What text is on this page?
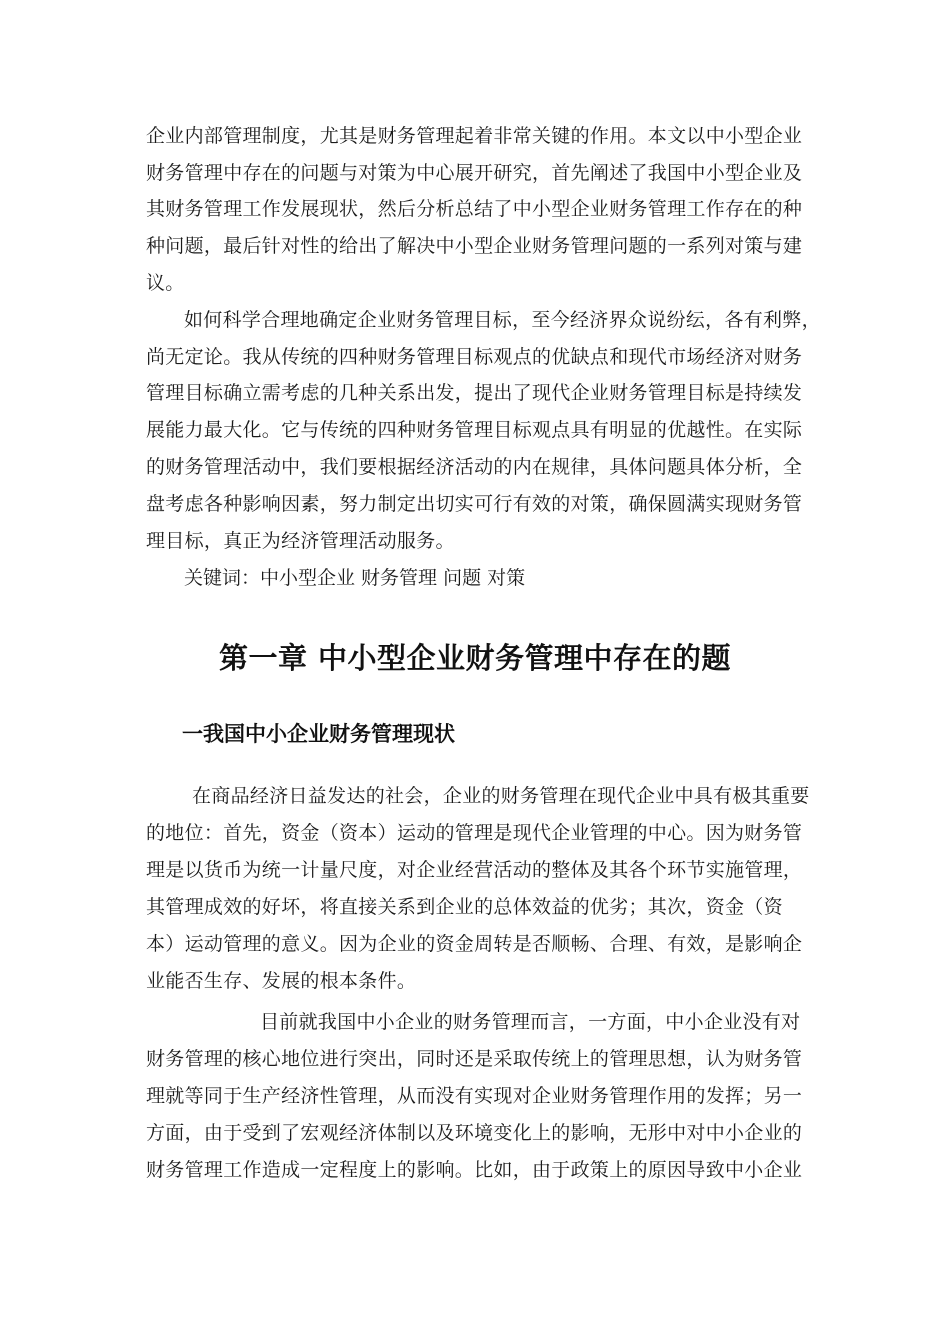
企业内部管理制度，尤其是财务管理起着非常关键的作用。本文以中小型企业
财务管理中存在的问题与对策为中心展开研究，首先阐述了我国中小型企业及
其财务管理工作发展现状，然后分析总结了中小型企业财务管理工作存在的种
种问题，最后针对性的给出了解决中小型企业财务管理问题的一系列对策与建
议。
如何科学合理地确定企业财务管理目标，至今经济界众说纷纭，各有利弊，
尚无定论。我从传统的四种财务管理目标观点的优缺点和现代市场经济对财务
管理目标确立需考虑的几种关系出发，提出了现代企业财务管理目标是持续发
展能力最大化。它与传统的四种财务管理目标观点具有明显的优越性。在实际
的财务管理活动中，我们要根据经济活动的内在规律，具体问题具体分析，全
盘考虑各种影响因素，努力制定出切实可行有效的对策，确保圆满实现财务管
理目标，真正为经济管理活动服务。
关键词：中小型企业 财务管理 问题 对策
第一章 中小型企业财务管理中存在的题
一我国中小企业财务管理现状
在商品经济日益发达的社会，企业的财务管理在现代企业中具有极其重要
的地位：首先，资金（资本）运动的管理是现代企业管理的中心。因为财务管
理是以货币为统一计量尺度，对企业经营活动的整体及其各个环节实施管理，
其管理成效的好坏，将直接关系到企业的总体效益的优劣；其次，资金（资
本）运动管理的意义。因为企业的资金周转是否顺畅、合理、有效，是影响企
业能否生存、发展的根本条件。
目前就我国中小企业的财务管理而言，一方面，中小企业没有对
财务管理的核心地位进行突出，同时还是采取传统上的管理思想，认为财务管
理就等同于生产经济性管理，从而没有实现对企业财务管理作用的发挥；另一
方面，由于受到了宏观经济体制以及环境变化上的影响，无形中对中小企业的
财务管理工作造成一定程度上的影响。比如，由于政策上的原因导致中小企业
